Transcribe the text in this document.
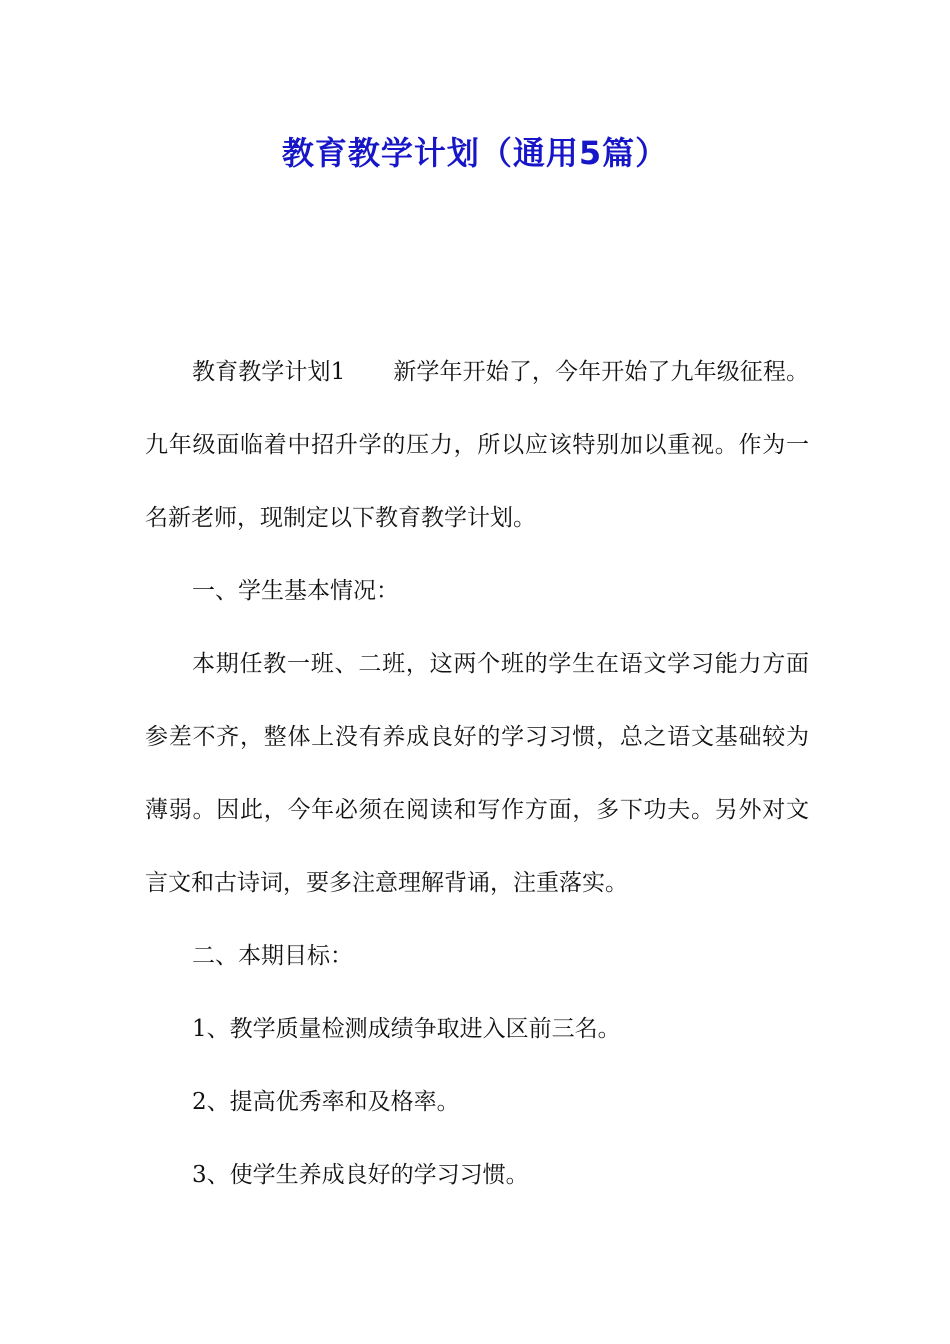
教育教学计划（通用5篇）

教育教学计划1 新学年开始了，今年开始了九年级征程。九年级面临着中招升学的压力，所以应该特别加以重视。作为一名新老师，现制定以下教育教学计划。

一、学生基本情况：

本期任教一班、二班，这两个班的学生在语文学习能力方面参差不齐，整体上没有养成良好的学习习惯，总之语文基础较为薄弱。因此，今年必须在阅读和写作方面，多下功夫。另外对文言文和古诗词，要多注意理解背诵，注重落实。

二、本期目标：

1、教学质量检测成绩争取进入区前三名。

2、提高优秀率和及格率。

3、使学生养成良好的学习习惯。
